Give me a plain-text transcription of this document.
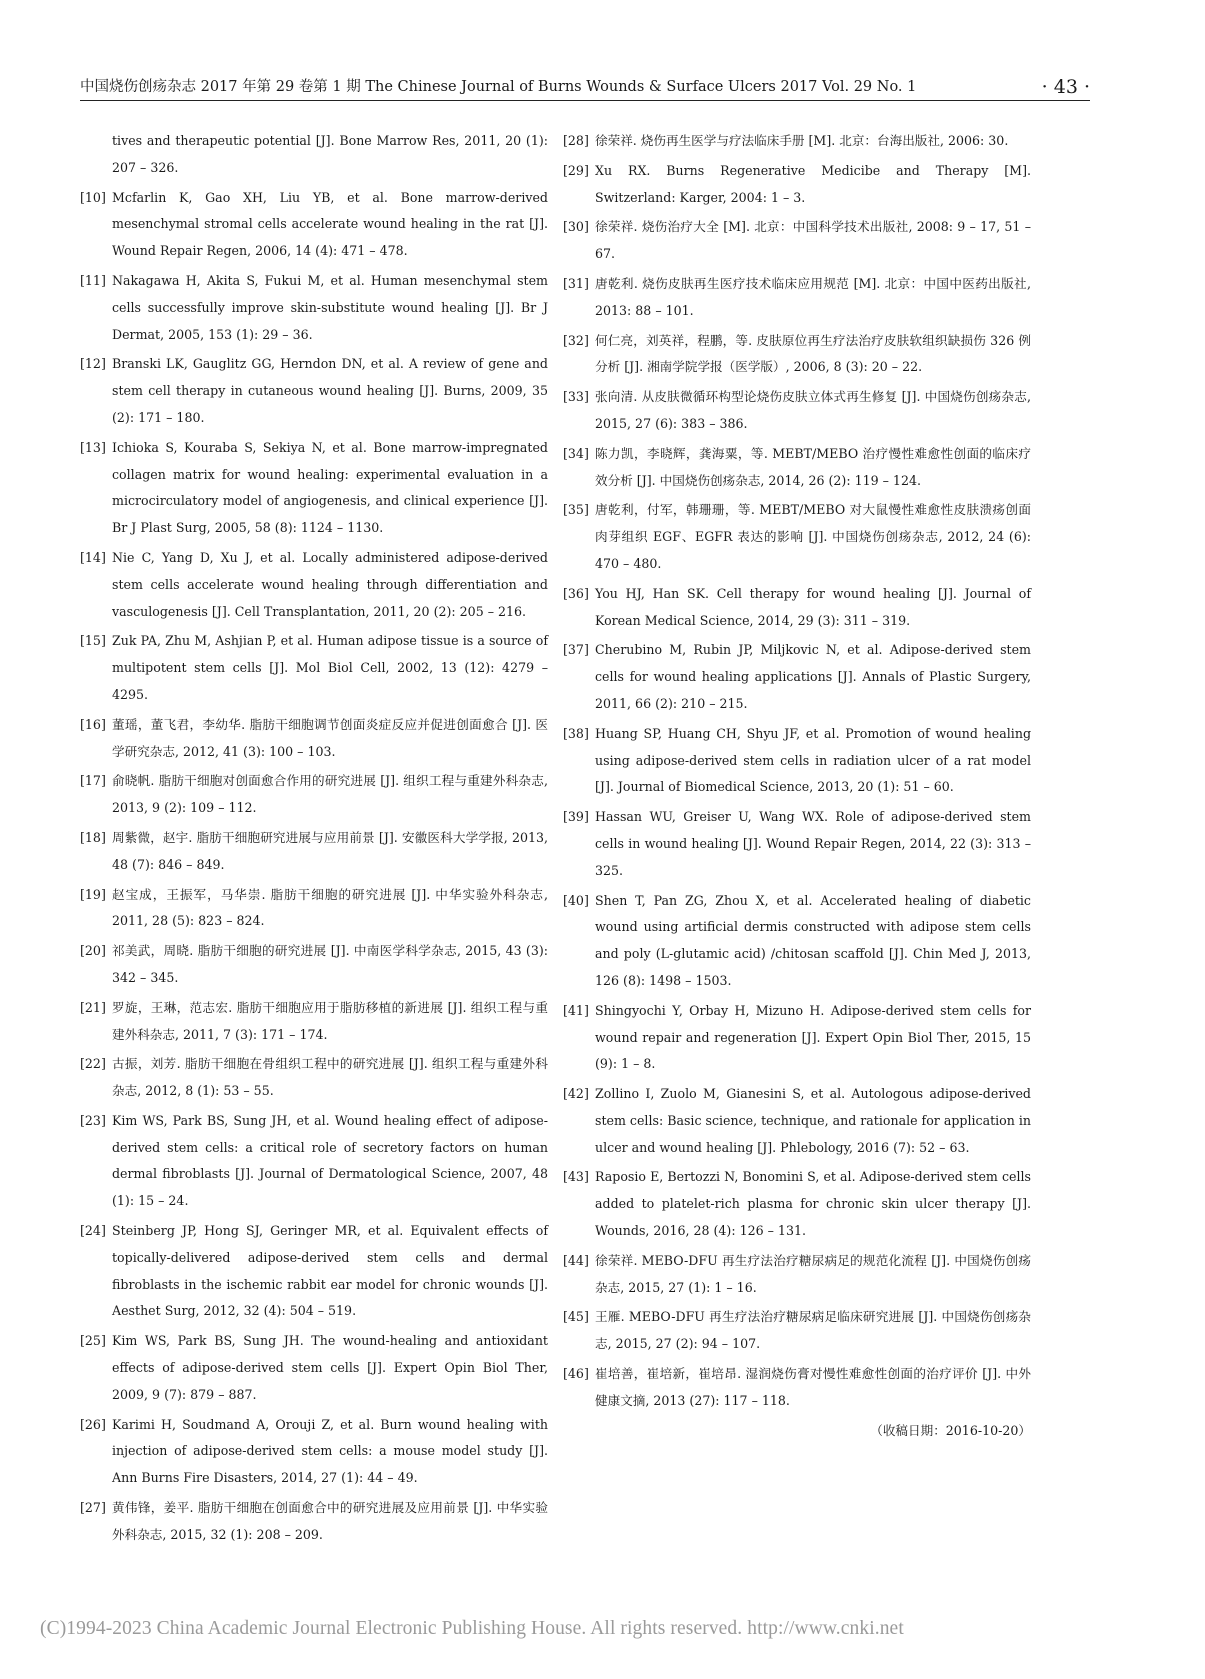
中国烧伤创疡杂志 2017 年第 29 卷第 1 期 The Chinese Journal of Burns Wounds & Surface Ulcers 2017 Vol. 29 No. 1	· 43 ·
tives and therapeutic potential [J]. Bone Marrow Res, 2011, 20 (1): 207 – 326.
[10] Mcfarlin K, Gao XH, Liu YB, et al. Bone marrow-derived mesenchymal stromal cells accelerate wound healing in the rat [J]. Wound Repair Regen, 2006, 14 (4): 471 – 478.
[11] Nakagawa H, Akita S, Fukui M, et al. Human mesenchymal stem cells successfully improve skin-substitute wound healing [J]. Br J Dermat, 2005, 153 (1): 29 – 36.
[12] Branski LK, Gauglitz GG, Herndon DN, et al. A review of gene and stem cell therapy in cutaneous wound healing [J]. Burns, 2009, 35 (2): 171 – 180.
[13] Ichioka S, Kouraba S, Sekiya N, et al. Bone marrow-impregnated collagen matrix for wound healing: experimental evaluation in a microcirculatory model of angiogenesis, and clinical experience [J]. Br J Plast Surg, 2005, 58 (8): 1124 – 1130.
[14] Nie C, Yang D, Xu J, et al. Locally administered adipose-derived stem cells accelerate wound healing through differentiation and vasculogenesis [J]. Cell Transplantation, 2011, 20 (2): 205 – 216.
[15] Zuk PA, Zhu M, Ashjian P, et al. Human adipose tissue is a source of multipotent stem cells [J]. Mol Biol Cell, 2002, 13 (12): 4279 – 4295.
[16] 董瑶，董飞君，李幼华. 脂肪干细胞调节创面炎症反应并促进创面愈合 [J]. 医学研究杂志, 2012, 41 (3): 100 – 103.
[17] 俞晓帆. 脂肪干细胞对创面愈合作用的研究进展 [J]. 组织工程与重建外科杂志, 2013, 9 (2): 109 – 112.
[18] 周紫微，赵宇. 脂肪干细胞研究进展与应用前景 [J]. 安徽医科大学学报, 2013, 48 (7): 846 – 849.
[19] 赵宝成，王振军，马华崇. 脂肪干细胞的研究进展 [J]. 中华实验外科杂志, 2011, 28 (5): 823 – 824.
[20] 祁美武，周晓. 脂肪干细胞的研究进展 [J]. 中南医学科学杂志, 2015, 43 (3): 342 – 345.
[21] 罗旋，王琳，范志宏. 脂肪干细胞应用于脂肪移植的新进展 [J]. 组织工程与重建外科杂志, 2011, 7 (3): 171 – 174.
[22] 古振，刘芳. 脂肪干细胞在骨组织工程中的研究进展 [J]. 组织工程与重建外科杂志, 2012, 8 (1): 53 – 55.
[23] Kim WS, Park BS, Sung JH, et al. Wound healing effect of adipose-derived stem cells: a critical role of secretory factors on human dermal fibroblasts [J]. Journal of Dermatological Science, 2007, 48 (1): 15 – 24.
[24] Steinberg JP, Hong SJ, Geringer MR, et al. Equivalent effects of topically-delivered adipose-derived stem cells and dermal fibroblasts in the ischemic rabbit ear model for chronic wounds [J]. Aesthet Surg, 2012, 32 (4): 504 – 519.
[25] Kim WS, Park BS, Sung JH. The wound-healing and antioxidant effects of adipose-derived stem cells [J]. Expert Opin Biol Ther, 2009, 9 (7): 879 – 887.
[26] Karimi H, Soudmand A, Orouji Z, et al. Burn wound healing with injection of adipose-derived stem cells: a mouse model study [J]. Ann Burns Fire Disasters, 2014, 27 (1): 44 – 49.
[27] 黄伟锋，姜平. 脂肪干细胞在创面愈合中的研究进展及应用前景 [J]. 中华实验外科杂志, 2015, 32 (1): 208 – 209.
[28] 徐荣祥. 烧伤再生医学与疗法临床手册 [M]. 北京：台海出版社, 2006: 30.
[29] Xu RX. Burns Regenerative Medicibe and Therapy [M]. Switzerland: Karger, 2004: 1 – 3.
[30] 徐荣祥. 烧伤治疗大全 [M]. 北京：中国科学技术出版社, 2008: 9 – 17, 51 – 67.
[31] 唐乾利. 烧伤皮肤再生医疗技术临床应用规范 [M]. 北京：中国中医药出版社, 2013: 88 – 101.
[32] 何仁亮，刘英祥，程鹏，等. 皮肤原位再生疗法治疗皮肤软组织缺损伤 326 例分析 [J]. 湘南学院学报（医学版）, 2006, 8 (3): 20 – 22.
[33] 张向清. 从皮肤微循环构型论烧伤皮肤立体式再生修复 [J]. 中国烧伤创疡杂志, 2015, 27 (6): 383 – 386.
[34] 陈力凯，李晓辉，龚海粟，等. MEBT/MEBO 治疗慢性难愈性创面的临床疗效分析 [J]. 中国烧伤创疡杂志, 2014, 26 (2): 119 – 124.
[35] 唐乾利，付军，韩珊珊，等. MEBT/MEBO 对大鼠慢性难愈性皮肤溃疡创面肉芽组织 EGF、EGFR 表达的影响 [J]. 中国烧伤创疡杂志, 2012, 24 (6): 470 – 480.
[36] You HJ, Han SK. Cell therapy for wound healing [J]. Journal of Korean Medical Science, 2014, 29 (3): 311 – 319.
[37] Cherubino M, Rubin JP, Miljkovic N, et al. Adipose-derived stem cells for wound healing applications [J]. Annals of Plastic Surgery, 2011, 66 (2): 210 – 215.
[38] Huang SP, Huang CH, Shyu JF, et al. Promotion of wound healing using adipose-derived stem cells in radiation ulcer of a rat model [J]. Journal of Biomedical Science, 2013, 20 (1): 51 – 60.
[39] Hassan WU, Greiser U, Wang WX. Role of adipose-derived stem cells in wound healing [J]. Wound Repair Regen, 2014, 22 (3): 313 – 325.
[40] Shen T, Pan ZG, Zhou X, et al. Accelerated healing of diabetic wound using artificial dermis constructed with adipose stem cells and poly (L-glutamic acid) /chitosan scaffold [J]. Chin Med J, 2013, 126 (8): 1498 – 1503.
[41] Shingyochi Y, Orbay H, Mizuno H. Adipose-derived stem cells for wound repair and regeneration [J]. Expert Opin Biol Ther, 2015, 15 (9): 1 – 8.
[42] Zollino I, Zuolo M, Gianesini S, et al. Autologous adipose-derived stem cells: Basic science, technique, and rationale for application in ulcer and wound healing [J]. Phlebology, 2016 (7): 52 – 63.
[43] Raposio E, Bertozzi N, Bonomini S, et al. Adipose-derived stem cells added to platelet-rich plasma for chronic skin ulcer therapy [J]. Wounds, 2016, 28 (4): 126 – 131.
[44] 徐荣祥. MEBO-DFU 再生疗法治疗糖尿病足的规范化流程 [J]. 中国烧伤创疡杂志, 2015, 27 (1): 1 – 16.
[45] 王雁. MEBO-DFU 再生疗法治疗糖尿病足临床研究进展 [J]. 中国烧伤创疡杂志, 2015, 27 (2): 94 – 107.
[46] 崔培善，崔培新，崔培昂. 湿润烧伤膏对慢性难愈性创面的治疗评价 [J]. 中外健康文摘, 2013 (27): 117 – 118.
（收稿日期：2016-10-20）
(C)1994-2023 China Academic Journal Electronic Publishing House. All rights reserved. http://www.cnki.net
